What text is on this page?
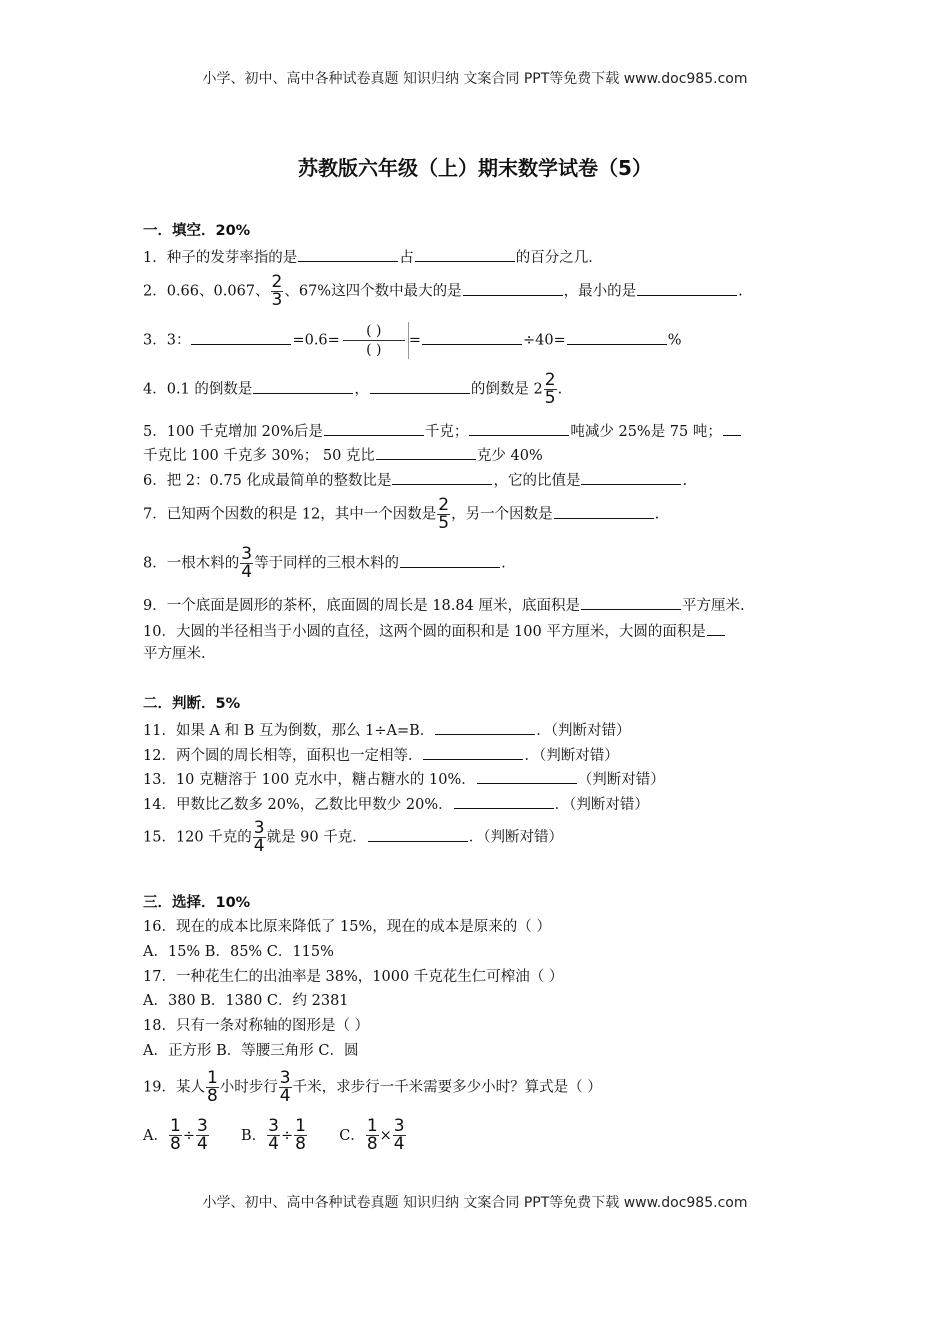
小学、初中、高中各种试卷真题 知识归纳 文案合同 PPT等免费下载 www.doc985.com
苏教版六年级（上）期末数学试卷（5）
一．填空．20%
1．种子的发芽率指的是	占	的百分之几．
2．0.66、0.067、 $\frac{2}{3}$ 、67%这四个数中最大的是	，最小的是	.
3．3：	=0.6=
( )
( )
=	÷40=	%
4．0.1 的倒数是	，	的倒数是 $2 \frac{2}{5}$ .
5．100 千克增加 20%后是	千克；	吨减少 25%是 75 吨；
千克比 100 千克多 30%； 50 克比	克少 40%
6．把 2：0.75 化成最简单的整数比是	，它的比值是	.
7．已知两个因数的积是 12，其中一个因数是 $\frac{2}{5}$ ，另一个因数是	.
8．一根木料的 $\frac{3}{4}$ 等于同样的三根木料的	.
9．一个底面是圆形的茶杯，底面圆的周长是 18.84 厘米，底面积是	平方厘米.
10．大圆的半径相当于小圆的直径，这两个圆的面积和是 100 平方厘米，大圆的面积是
平方厘米.
二．判断．5%
11．如果 A 和 B 互为倒数，那么 1÷A=B．	．（判断对错）
12．两个圆的周长相等，面积也一定相等．	．（判断对错）
13．10 克糖溶于 100 克水中，糖占糖水的 10%．	（判断对错）
14．甲数比乙数多 20%，乙数比甲数少 20%．	．（判断对错）
15．120 千克的 $\frac{3}{4}$ 就是 90 千克．	．（判断对错）
三．选择．10%
16．现在的成本比原来降低了 15%，现在的成本是原来的（ ）
A．15% B．85% C．115%
17．一种花生仁的出油率是 38%，1000 千克花生仁可榨油（ ）
A．380 B．1380 C．约 2381
18．只有一条对称轴的图形是（ ）
A．正方形 B．等腰三角形 C．圆
19．某人 $\frac{1}{8}$ 小时步行 $\frac{3}{4}$ 千米，求步行一千米需要多少小时？算式是（ ）
A． $\frac{1}{8} \div \frac{3}{4}$ B． $\frac{3}{4} \div \frac{1}{8}$ C． $\frac{1}{8} \times \frac{3}{4}$
小学、初中、高中各种试卷真题 知识归纳 文案合同 PPT等免费下载 www.doc985.com
